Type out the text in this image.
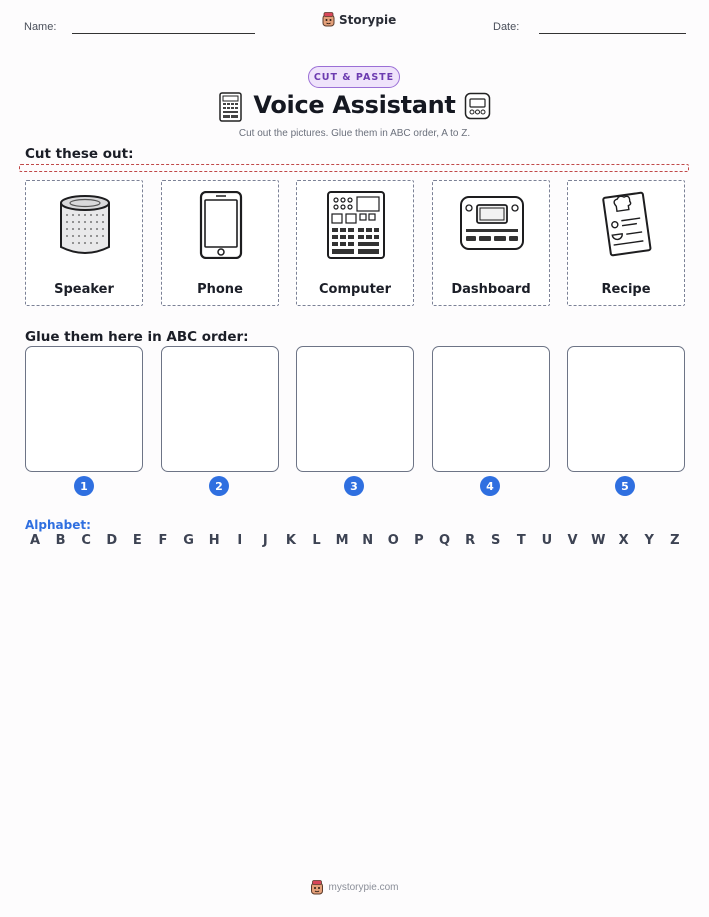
Name:
Storypie
Date:
CUT & PASTE
Voice Assistant
Cut out the pictures. Glue them in ABC order, A to Z.
Cut these out:
Speaker	Phone	Computer	Dashboard	Recipe
Glue them here in ABC order:
1	2	3	4	5
Alphabet:
A B C D E F G H	I	J	K L M N O P Q R S T U V W X Y Z
mystorypie.com
